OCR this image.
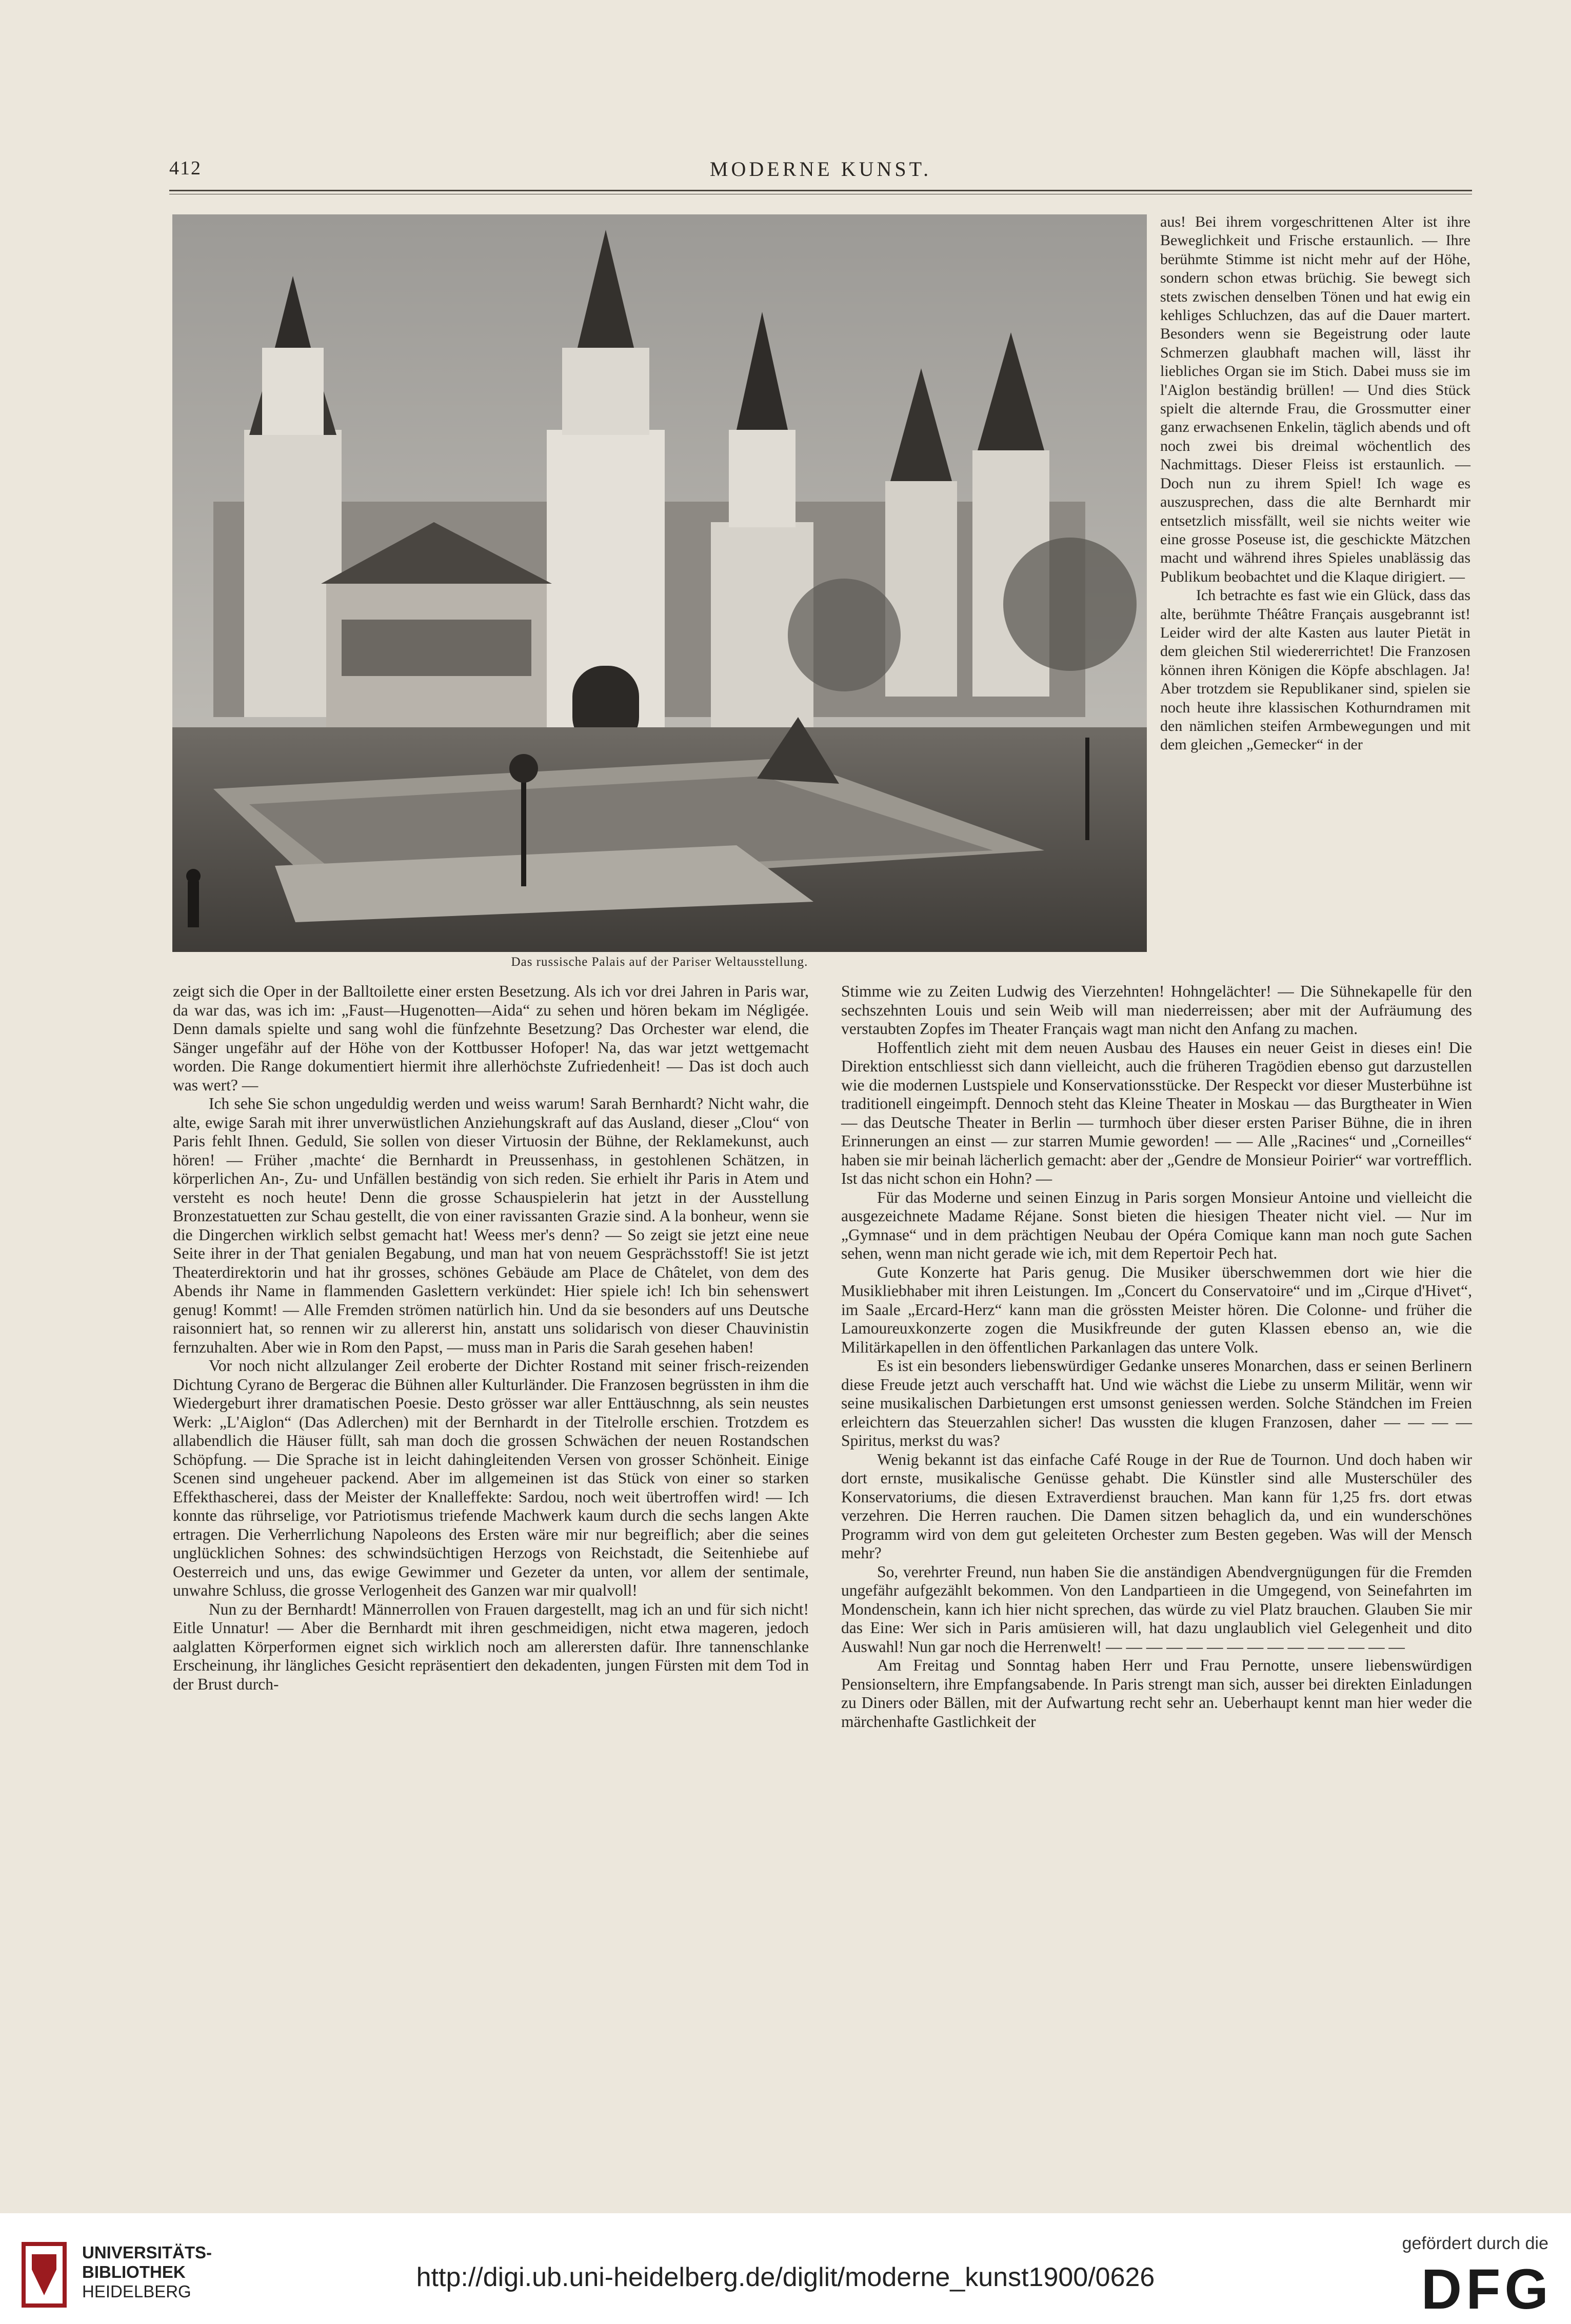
412	MODERNE KUNST.
Das russische Palais auf der Pariser Weltausstellung.

aus! Bei ihrem vorgeschrittenen Alter ist ihre Beweglichkeit und Frische erstaunlich. — Ihre berühmte Stimme ist nicht mehr auf der Höhe, sondern schon etwas brüchig. Sie bewegt sich stets zwischen denselben Tönen und hat ewig ein kehliges Schluchzen, das auf die Dauer martert. Besonders wenn sie Begeistrung oder laute Schmerzen glaubhaft machen will, lässt ihr liebliches Organ sie im Stich. Dabei muss sie im l'Aiglon beständig brüllen! — Und dies Stück spielt die alternde Frau, die Grossmutter einer ganz erwachsenen Enkelin, täglich abends und oft noch zwei bis dreimal wöchentlich des Nachmittags. Dieser Fleiss ist erstaunlich. — Doch nun zu ihrem Spiel! Ich wage es auszusprechen, dass die alte Bernhardt mir entsetzlich missfällt, weil sie nichts weiter wie eine grosse Poseuse ist, die geschickte Mätzchen macht und während ihres Spieles unablässig das Publikum beobachtet und die Klaque dirigiert. —

Ich betrachte es fast wie ein Glück, dass das alte, berühmte Théâtre Français ausgebrannt ist! Leider wird der alte Kasten aus lauter Pietät in dem gleichen Stil wiedererrichtet! Die Franzosen können ihren Königen die Köpfe abschlagen. Ja! Aber trotzdem sie Republikaner sind, spielen sie noch heute ihre klassischen Kothurndramen mit den nämlichen steifen Armbewegungen und mit dem gleichen „Gemecker“ in der

zeigt sich die Oper in der Balltoilette einer ersten Besetzung. Als ich vor drei Jahren in Paris war, da war das, was ich im: „Faust—Hugenotten—Aida“ zu sehen und hören bekam im Négligée. Denn damals spielte und sang wohl die fünfzehnte Besetzung? Das Orchester war elend, die Sänger ungefähr auf der Höhe von der Kottbusser Hofoper! Na, das war jetzt wettgemacht worden. Die Range dokumentiert hiermit ihre allerhöchste Zufriedenheit! — Das ist doch auch was wert? —

Ich sehe Sie schon ungeduldig werden und weiss warum! Sarah Bernhardt? Nicht wahr, die alte, ewige Sarah mit ihrer unverwüstlichen Anziehungskraft auf das Ausland, dieser „Clou“ von Paris fehlt Ihnen. Geduld, Sie sollen von dieser Virtuosin der Bühne, der Reklamekunst, auch hören! — Früher ‚machte‘ die Bernhardt in Preussenhass, in gestohlenen Schätzen, in körperlichen An-, Zu- und Unfällen beständig von sich reden. Sie erhielt ihr Paris in Atem und versteht es noch heute! Denn die grosse Schauspielerin hat jetzt in der Ausstellung Bronzestatuetten zur Schau gestellt, die von einer ravissanten Grazie sind. A la bonheur, wenn sie die Dingerchen wirklich selbst gemacht hat! Weess mer's denn? — So zeigt sie jetzt eine neue Seite ihrer in der That genialen Begabung, und man hat von neuem Gesprächsstoff! Sie ist jetzt Theaterdirektorin und hat ihr grosses, schönes Gebäude am Place de Châtelet, von dem des Abends ihr Name in flammenden Gaslettern verkündet: Hier spiele ich! Ich bin sehenswert genug! Kommt! — Alle Fremden strömen natürlich hin. Und da sie besonders auf uns Deutsche raisonniert hat, so rennen wir zu allererst hin, anstatt uns solidarisch von dieser Chauvinistin fernzuhalten. Aber wie in Rom den Papst, — muss man in Paris die Sarah gesehen haben!

Vor noch nicht allzulanger Zeil eroberte der Dichter Rostand mit seiner frisch-reizenden Dichtung Cyrano de Bergerac die Bühnen aller Kulturländer. Die Franzosen begrüssten in ihm die Wiedergeburt ihrer dramatischen Poesie. Desto grösser war aller Enttäuschnng, als sein neustes Werk: „L'Aiglon“ (Das Adlerchen) mit der Bernhardt in der Titelrolle erschien. Trotzdem es allabendlich die Häuser füllt, sah man doch die grossen Schwächen der neuen Rostandschen Schöpfung. — Die Sprache ist in leicht dahingleitenden Versen von grosser Schönheit. Einige Scenen sind ungeheuer packend. Aber im allgemeinen ist das Stück von einer so starken Effekthascherei, dass der Meister der Knalleffekte: Sardou, noch weit übertroffen wird! — Ich konnte das rührselige, vor Patriotismus triefende Machwerk kaum durch die sechs langen Akte ertragen. Die Verherrlichung Napoleons des Ersten wäre mir nur begreiflich; aber die seines unglücklichen Sohnes: des schwindsüchtigen Herzogs von Reichstadt, die Seitenhiebe auf Oesterreich und uns, das ewige Gewimmer und Gezeter da unten, vor allem der sentimale, unwahre Schluss, die grosse Verlogenheit des Ganzen war mir qualvoll!

Nun zu der Bernhardt! Männerrollen von Frauen dargestellt, mag ich an und für sich nicht! Eitle Unnatur! — Aber die Bernhardt mit ihren geschmeidigen, nicht etwa mageren, jedoch aalglatten Körperformen eignet sich wirklich noch am allerersten dafür. Ihre tannenschlanke Erscheinung, ihr längliches Gesicht repräsentiert den dekadenten, jungen Fürsten mit dem Tod in der Brust durch-

Stimme wie zu Zeiten Ludwig des Vierzehnten! Hohngelächter! — Die Sühnekapelle für den sechszehnten Louis und sein Weib will man niederreissen; aber mit der Aufräumung des verstaubten Zopfes im Theater Français wagt man nicht den Anfang zu machen.

Hoffentlich zieht mit dem neuen Ausbau des Hauses ein neuer Geist in dieses ein! Die Direktion entschliesst sich dann vielleicht, auch die früheren Tragödien ebenso gut darzustellen wie die modernen Lustspiele und Konservationsstücke. Der Respeckt vor dieser Musterbühne ist traditionell eingeimpft. Dennoch steht das Kleine Theater in Moskau — das Burgtheater in Wien — das Deutsche Theater in Berlin — turmhoch über dieser ersten Pariser Bühne, die in ihren Erinnerungen an einst — zur starren Mumie geworden! — — Alle „Racines“ und „Corneilles“ haben sie mir beinah lächerlich gemacht: aber der „Gendre de Monsieur Poirier“ war vortrefflich. Ist das nicht schon ein Hohn? —

Für das Moderne und seinen Einzug in Paris sorgen Monsieur Antoine und vielleicht die ausgezeichnete Madame Réjane. Sonst bieten die hiesigen Theater nicht viel. — Nur im „Gymnase“ und in dem prächtigen Neubau der Opéra Comique kann man noch gute Sachen sehen, wenn man nicht gerade wie ich, mit dem Repertoir Pech hat.

Gute Konzerte hat Paris genug. Die Musiker überschwemmen dort wie hier die Musikliebhaber mit ihren Leistungen. Im „Concert du Conservatoire“ und im „Cirque d'Hivet“, im Saale „Ercard-Herz“ kann man die grössten Meister hören. Die Colonne- und früher die Lamoureuxkonzerte zogen die Musikfreunde der guten Klassen ebenso an, wie die Militärkapellen in den öffentlichen Parkanlagen das untere Volk.

Es ist ein besonders liebenswürdiger Gedanke unseres Monarchen, dass er seinen Berlinern diese Freude jetzt auch verschafft hat. Und wie wächst die Liebe zu unserm Militär, wenn wir seine musikalischen Darbietungen erst umsonst geniessen werden. Solche Ständchen im Freien erleichtern das Steuerzahlen sicher! Das wussten die klugen Franzosen, daher — — — — Spiritus, merkst du was?

Wenig bekannt ist das einfache Café Rouge in der Rue de Tournon. Und doch haben wir dort ernste, musikalische Genüsse gehabt. Die Künstler sind alle Musterschüler des Konservatoriums, die diesen Extraverdienst brauchen. Man kann für 1,25 frs. dort etwas verzehren. Die Herren rauchen. Die Damen sitzen behaglich da, und ein wunderschönes Programm wird von dem gut geleiteten Orchester zum Besten gegeben. Was will der Mensch mehr?

So, verehrter Freund, nun haben Sie die anständigen Abendvergnügungen für die Fremden ungefähr aufgezählt bekommen. Von den Landpartieen in die Umgegend, von Seinefahrten im Mondenschein, kann ich hier nicht sprechen, das würde zu viel Platz brauchen. Glauben Sie mir das Eine: Wer sich in Paris amüsieren will, hat dazu unglaublich viel Gelegenheit und dito Auswahl! Nun gar noch die Herrenwelt! — — — — — — — — — — — — — — —

Am Freitag und Sonntag haben Herr und Frau Pernotte, unsere liebenswürdigen Pensionseltern, ihre Empfangsabende. In Paris strengt man sich, ausser bei direkten Einladungen zu Diners oder Bällen, mit der Aufwartung recht sehr an. Ueberhaupt kennt man hier weder die märchenhafte Gastlichkeit der

UNIVERSITÄTS-
BIBLIOTHEK
HEIDELBERG	http://digi.ub.uni-heidelberg.de/diglit/moderne_kunst1900/0626
gefördert durch die
DFG
